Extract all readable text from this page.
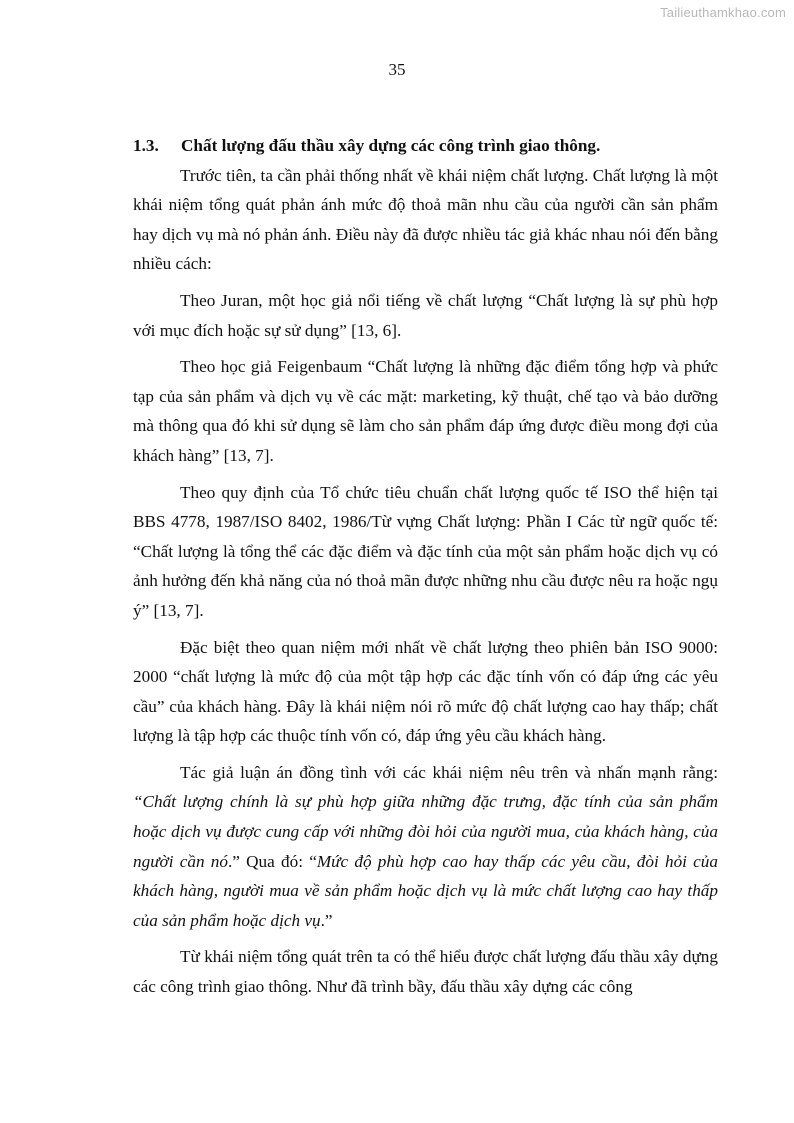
Tailieuthamkhao.com
35
1.3.	Chất lượng đấu thầu xây dựng các công trình giao thông.

Trước tiên, ta cần phải thống nhất về khái niệm chất lượng. Chất lượng là một khái niệm tổng quát phản ánh mức độ thoả mãn nhu cầu của người cần sản phẩm hay dịch vụ mà nó phản ánh. Điều này đã được nhiều tác giả khác nhau nói đến bằng nhiều cách:

Theo Juran, một học giả nổi tiếng về chất lượng “Chất lượng là sự phù hợp với mục đích hoặc sự sử dụng” [13, 6].

Theo học giả Feigenbaum “Chất lượng là những đặc điểm tổng hợp và phức tạp của sản phẩm và dịch vụ về các mặt: marketing, kỹ thuật, chế tạo và bảo dưỡng mà thông qua đó khi sử dụng sẽ làm cho sản phẩm đáp ứng được điều mong đợi của khách hàng” [13, 7].

Theo quy định của Tổ chức tiêu chuẩn chất lượng quốc tế ISO thể hiện tại BBS 4778, 1987/ISO 8402, 1986/Từ vựng Chất lượng: Phần I Các từ ngữ quốc tế: “Chất lượng là tổng thể các đặc điểm và đặc tính của một sản phẩm hoặc dịch vụ có ảnh hưởng đến khả năng của nó thoả mãn được những nhu cầu được nêu ra hoặc ngụ ý” [13, 7].

Đặc biệt theo quan niệm mới nhất về chất lượng theo phiên bản ISO 9000: 2000 “chất lượng là mức độ của một tập hợp các đặc tính vốn có đáp ứng các yêu cầu” của khách hàng. Đây là khái niệm nói rõ mức độ chất lượng cao hay thấp; chất lượng là tập hợp các thuộc tính vốn có, đáp ứng yêu cầu khách hàng.

Tác giả luận án đồng tình với các khái niệm nêu trên và nhấn mạnh rằng: “Chất lượng chính là sự phù hợp giữa những đặc trưng, đặc tính của sản phẩm hoặc dịch vụ được cung cấp với những đòi hỏi của người mua, của khách hàng, của người cần nó.” Qua đó: “Mức độ phù hợp cao hay thấp các yêu cầu, đòi hỏi của khách hàng, người mua về sản phẩm hoặc dịch vụ là mức chất lượng cao hay thấp của sản phẩm hoặc dịch vụ.”

Từ khái niệm tổng quát trên ta có thể hiểu được chất lượng đấu thầu xây dựng các công trình giao thông. Như đã trình bầy, đấu thầu xây dựng các công
